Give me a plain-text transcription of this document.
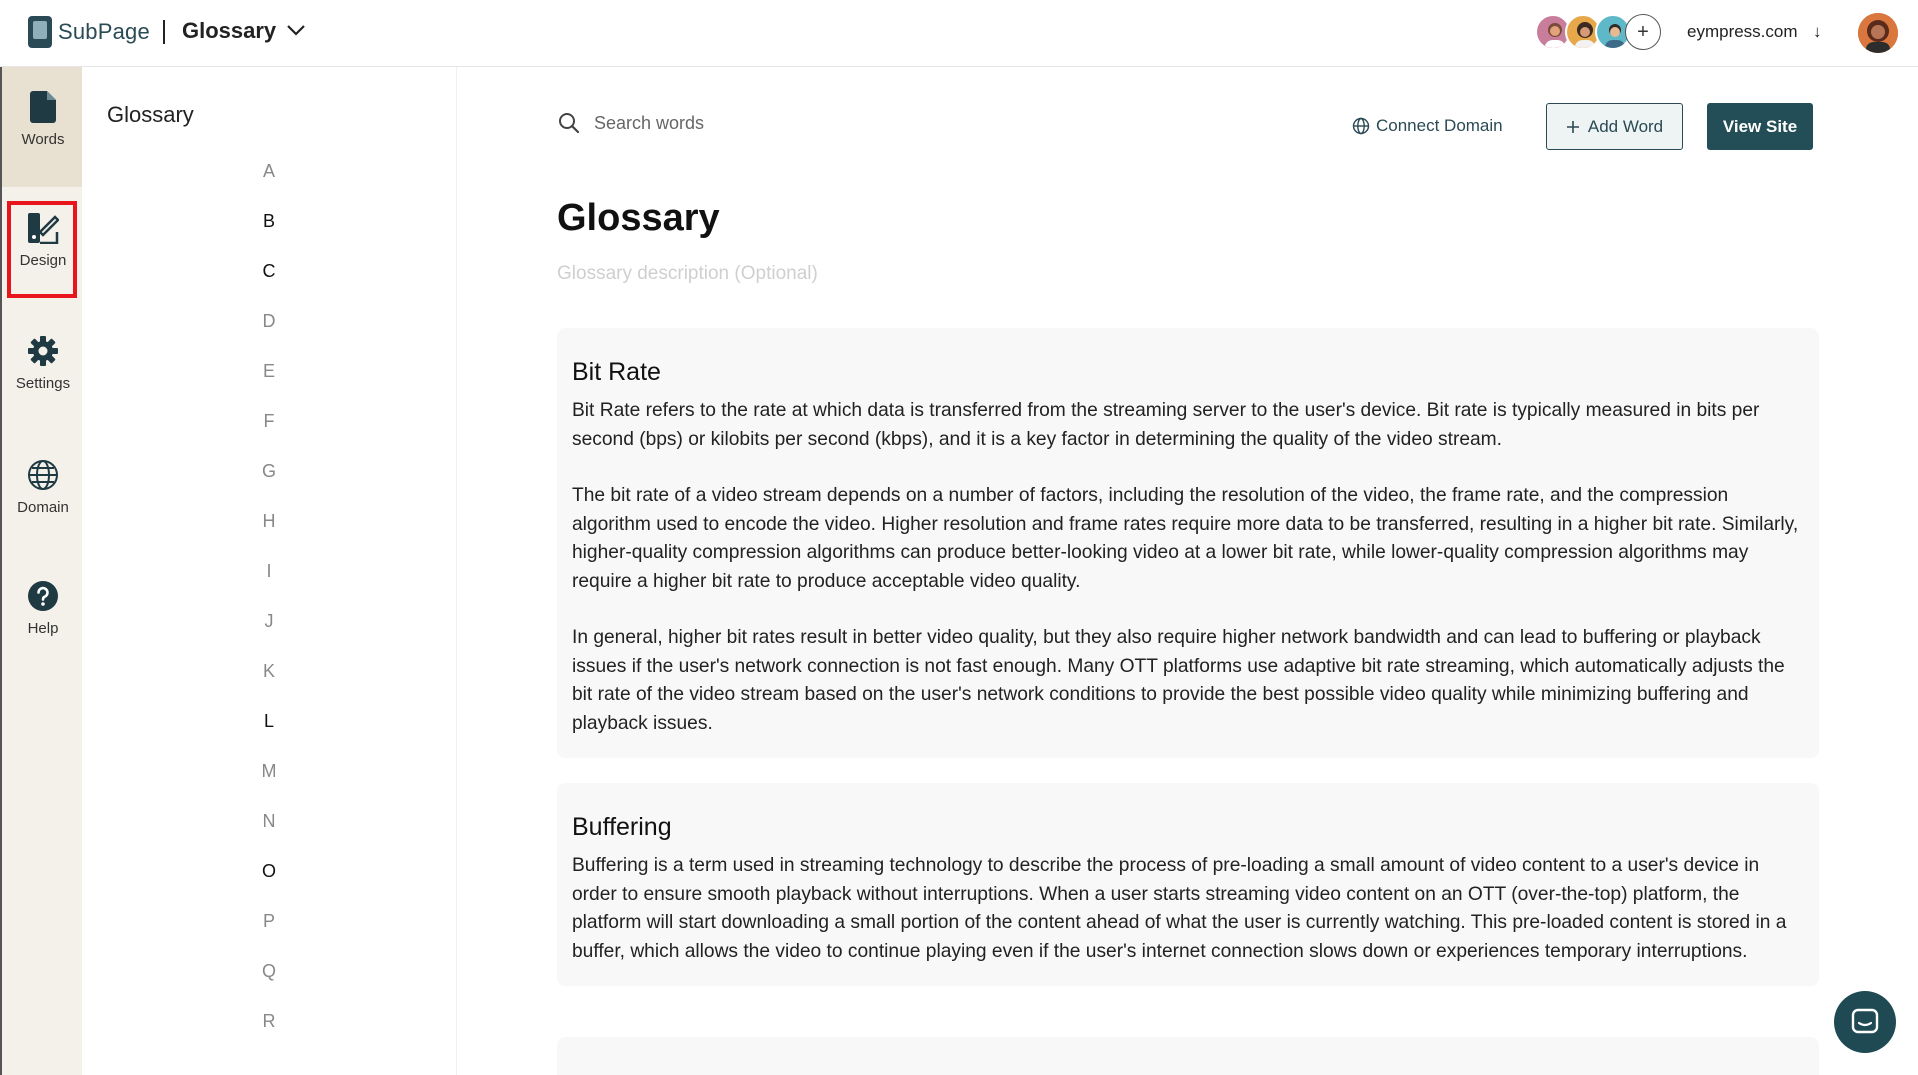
SubPage Glossary	+	eympress.com ↓
Words
Design
Settings
Domain
Help
Glossary
A
B
C
D
E
F
G
H
I
J
K
L
M
N
O
P
Q
R
Search words
Connect Domain	Add Word	View Site
Glossary
Glossary description (Optional)
Bit Rate

Bit Rate refers to the rate at which data is transferred from the streaming server to the user's device. Bit rate is typically measured in bits per second (bps) or kilobits per second (kbps), and it is a key factor in determining the quality of the video stream.

The bit rate of a video stream depends on a number of factors, including the resolution of the video, the frame rate, and the compression algorithm used to encode the video. Higher resolution and frame rates require more data to be transferred, resulting in a higher bit rate. Similarly, higher-quality compression algorithms can produce better-looking video at a lower bit rate, while lower-quality compression algorithms may require a higher bit rate to produce acceptable video quality.

In general, higher bit rates result in better video quality, but they also require higher network bandwidth and can lead to buffering or playback issues if the user's network connection is not fast enough. Many OTT platforms use adaptive bit rate streaming, which automatically adjusts the bit rate of the video stream based on the user's network conditions to provide the best possible video quality while minimizing buffering and playback issues.

Buffering

Buffering is a term used in streaming technology to describe the process of pre-loading a small amount of video content to a user's device in order to ensure smooth playback without interruptions. When a user starts streaming video content on an OTT (over-the-top) platform, the platform will start downloading a small portion of the content ahead of what the user is currently watching. This pre-loaded content is stored in a buffer, which allows the video to continue playing even if the user's internet connection slows down or experiences temporary interruptions.
